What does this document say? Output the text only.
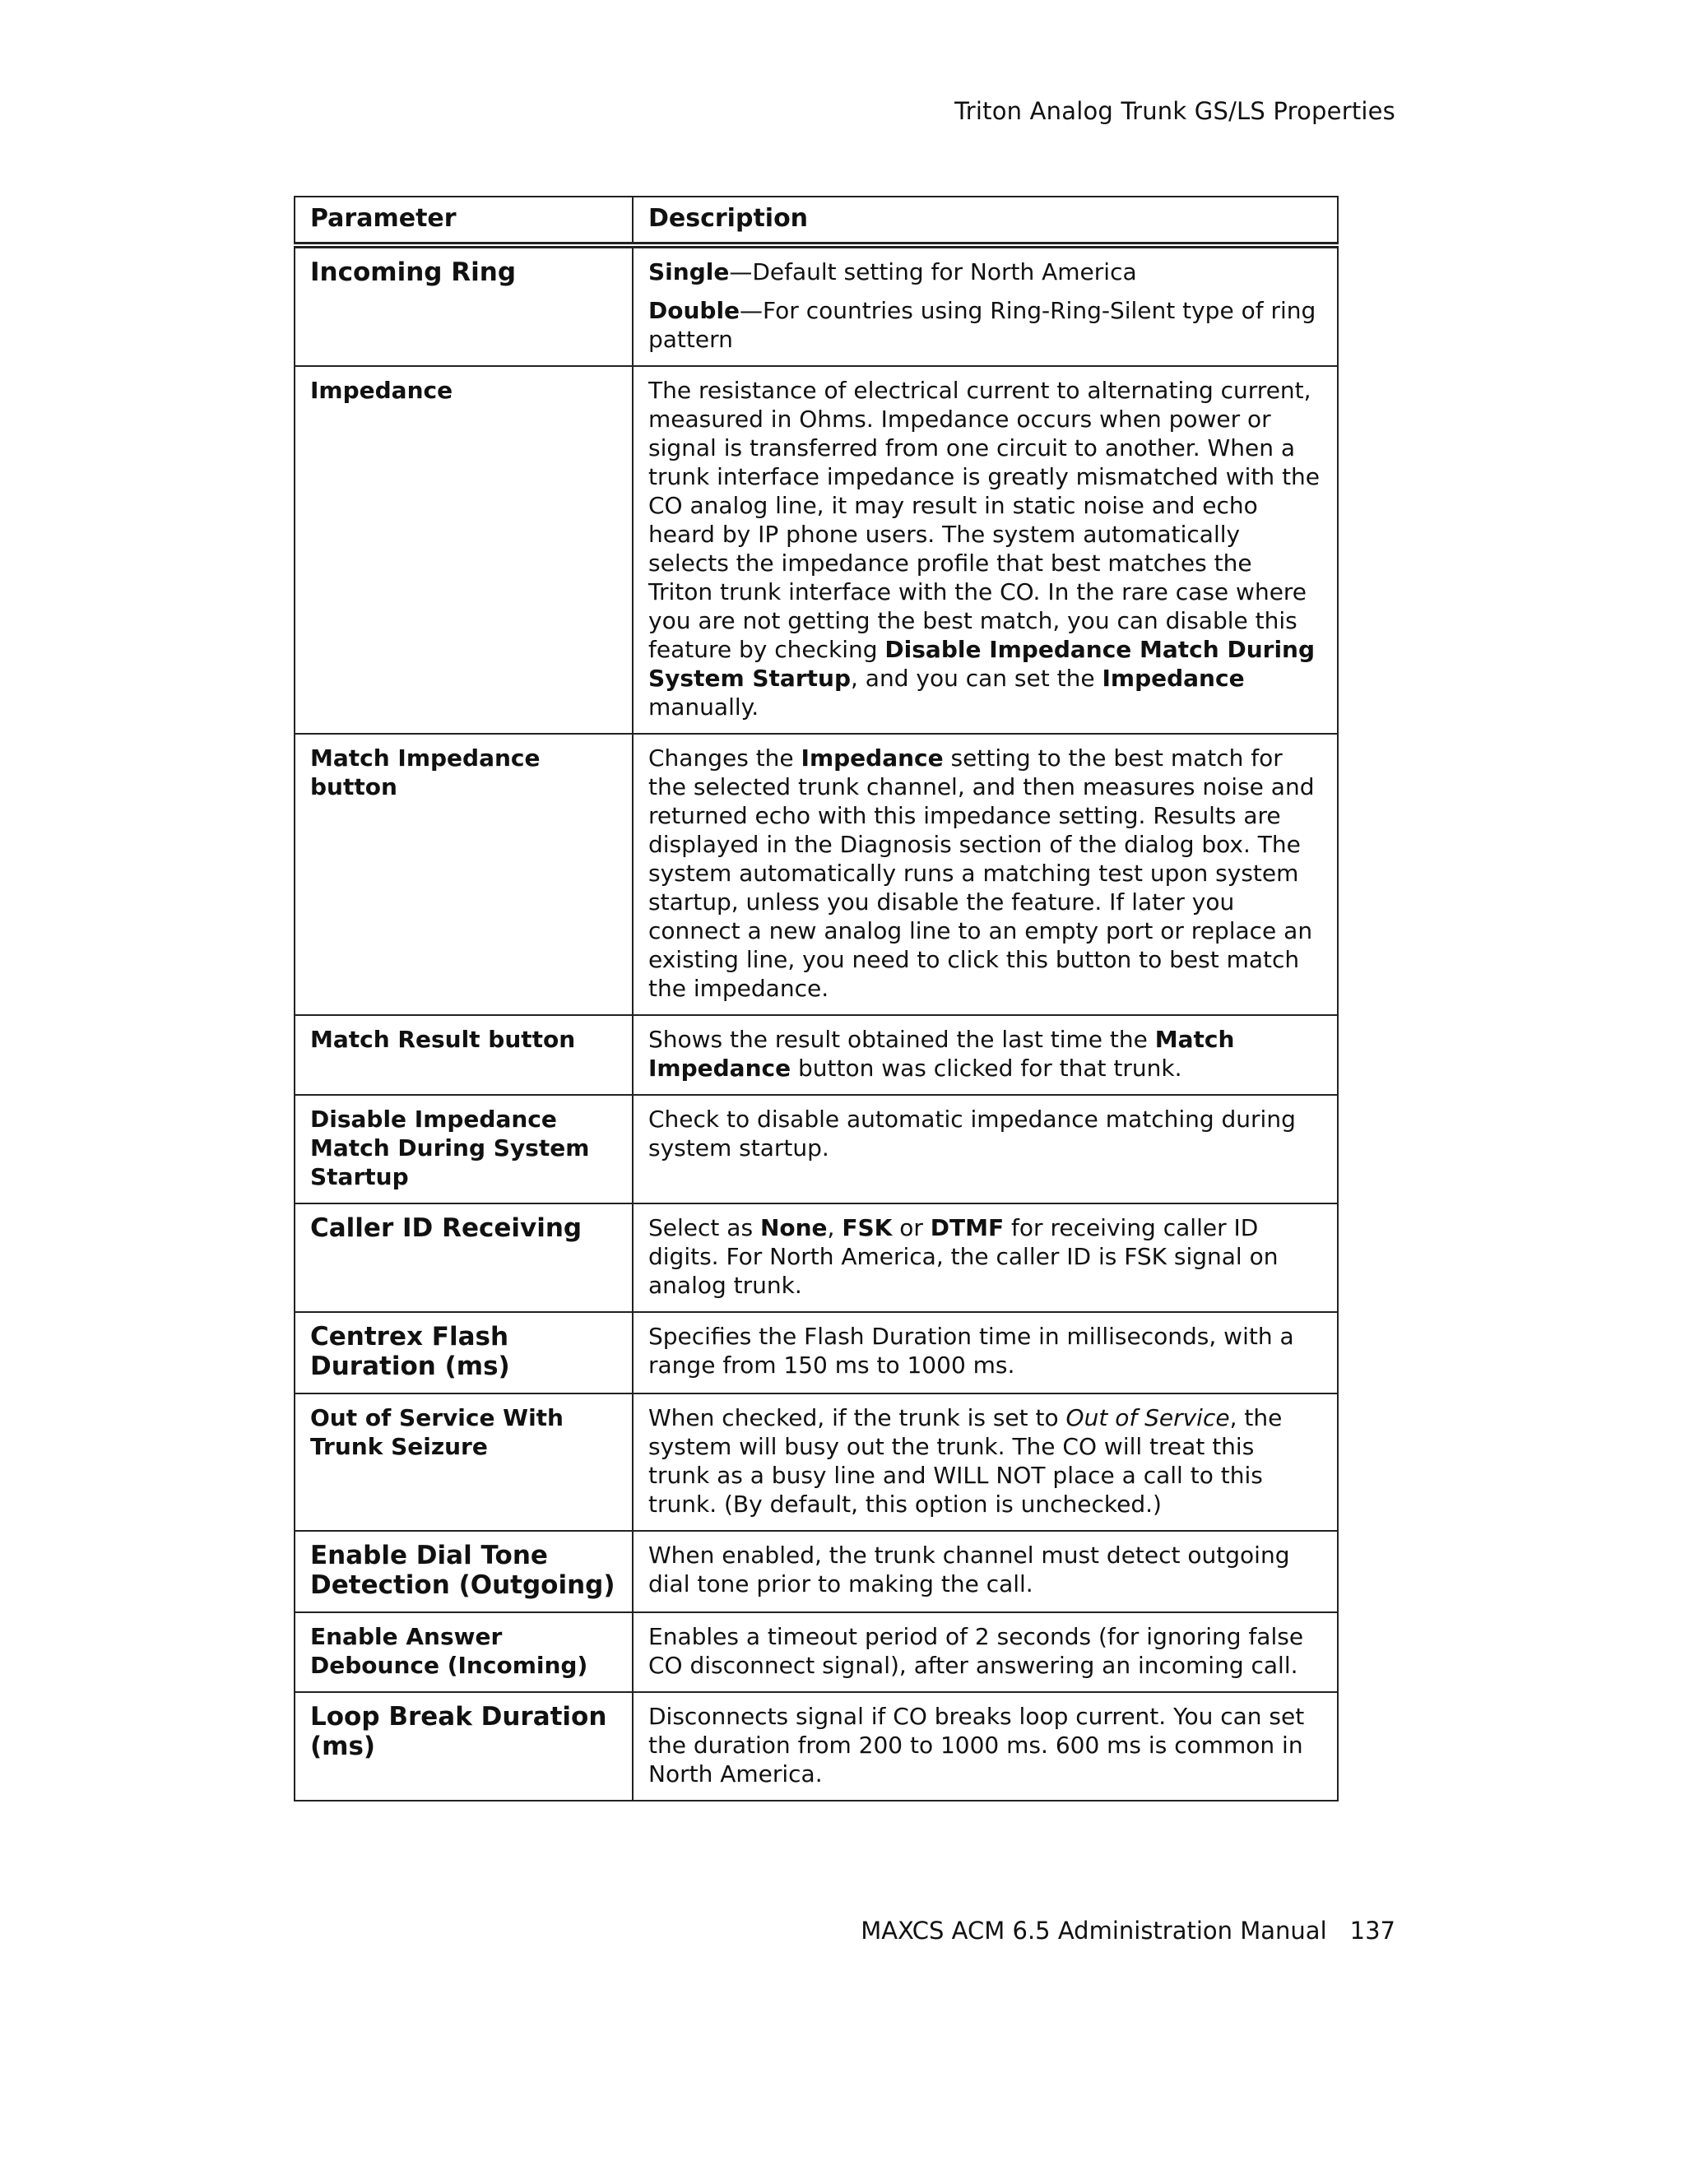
Triton Analog Trunk GS/LS Properties
Parameter	Description
Incoming Ring	Single—Default setting for North America

Double—For countries using Ring-Ring-Silent type of ring pattern

Impedance	The resistance of electrical current to alternating current, measured in Ohms. Impedance occurs when power or signal is transferred from one circuit to another. When a trunk interface impedance is greatly mismatched with the CO analog line, it may result in static noise and echo heard by IP phone users. The system automatically selects the impedance profile that best matches the Triton trunk interface with the CO. In the rare case where you are not getting the best match, you can disable this feature by checking Disable Impedance Match During System Startup, and you can set the Impedance manually.

Match Impedance button	Changes the Impedance setting to the best match for the selected trunk channel, and then measures noise and returned echo with this impedance setting. Results are displayed in the Diagnosis section of the dialog box. The system automatically runs a matching test upon system startup, unless you disable the feature. If later you connect a new analog line to an empty port or replace an existing line, you need to click this button to best match the impedance.

Match Result button	Shows the result obtained the last time the Match Impedance button was clicked for that trunk.

Disable Impedance Match During System Startup	Check to disable automatic impedance matching during system startup.

Caller ID Receiving	Select as None, FSK or DTMF for receiving caller ID digits. For North America, the caller ID is FSK signal on analog trunk.

Centrex Flash Duration (ms)	Specifies the Flash Duration time in milliseconds, with a range from 150 ms to 1000 ms.

Out of Service With Trunk Seizure	When checked, if the trunk is set to Out of Service, the system will busy out the trunk. The CO will treat this trunk as a busy line and WILL NOT place a call to this trunk. (By default, this option is unchecked.)

Enable Dial Tone Detection (Outgoing)	When enabled, the trunk channel must detect outgoing dial tone prior to making the call.

Enable Answer Debounce (Incoming)	Enables a timeout period of 2 seconds (for ignoring false CO disconnect signal), after answering an incoming call.

Loop Break Duration (ms)	Disconnects signal if CO breaks loop current. You can set the duration from 200 to 1000 ms. 600 ms is common in North America.

MAXCS ACM 6.5 Administration Manual 137
